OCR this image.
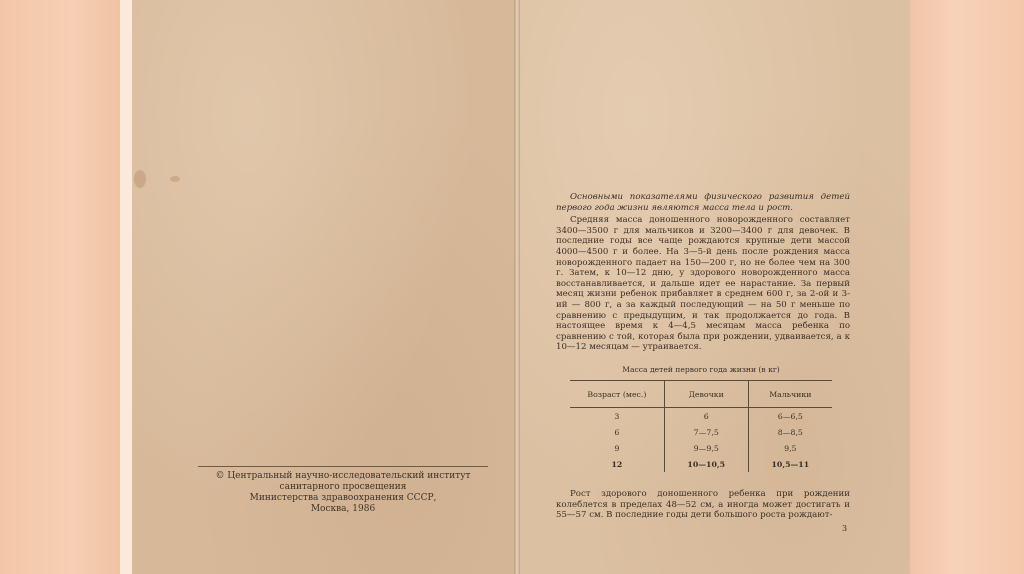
© Центральный научно-исследовательский институт
санитарного просвещения
Министерства здравоохранения СССР,
Москва, 1986

Основными показателями физического развития детей первого года жизни являются масса тела и рост.

Средняя масса доношенного новорожденного составляет 3400—3500 г для мальчиков и 3200—3400 г для девочек. В последние годы все чаще рождаются крупные дети массой 4000—4500 г и более. На 3—5-й день после рождения масса новорожденного падает на 150—200 г, но не более чем на 300 г. Затем, к 10—12 дню, у здорового новорожденного масса восстанавливается, и дальше идет ее нарастание. За первый месяц жизни ребенок прибавляет в среднем 600 г, за 2-ой и 3-ий — 800 г, а за каждый последующий — на 50 г меньше по сравнению с предыдущим, и так продолжается до года. В настоящее время к 4—4,5 месяцам масса ребенка по сравнению с той, которая была при рождении, удваивается, а к 10—12 месяцам — утраивается.

Масса детей первого года жизни (в кг)
Возраст (мес.)	Девочки	Мальчики
3	6	6—6,5
6	7—7,5	8—8,5
9	9—9,5	9,5
12	10—10,5	10,5—11

Рост здорового доношенного ребенка при рождении колеблется в пределах 48—52 см, а иногда может достигать и 55—57 см. В последние годы дети большого роста рождают-

3
